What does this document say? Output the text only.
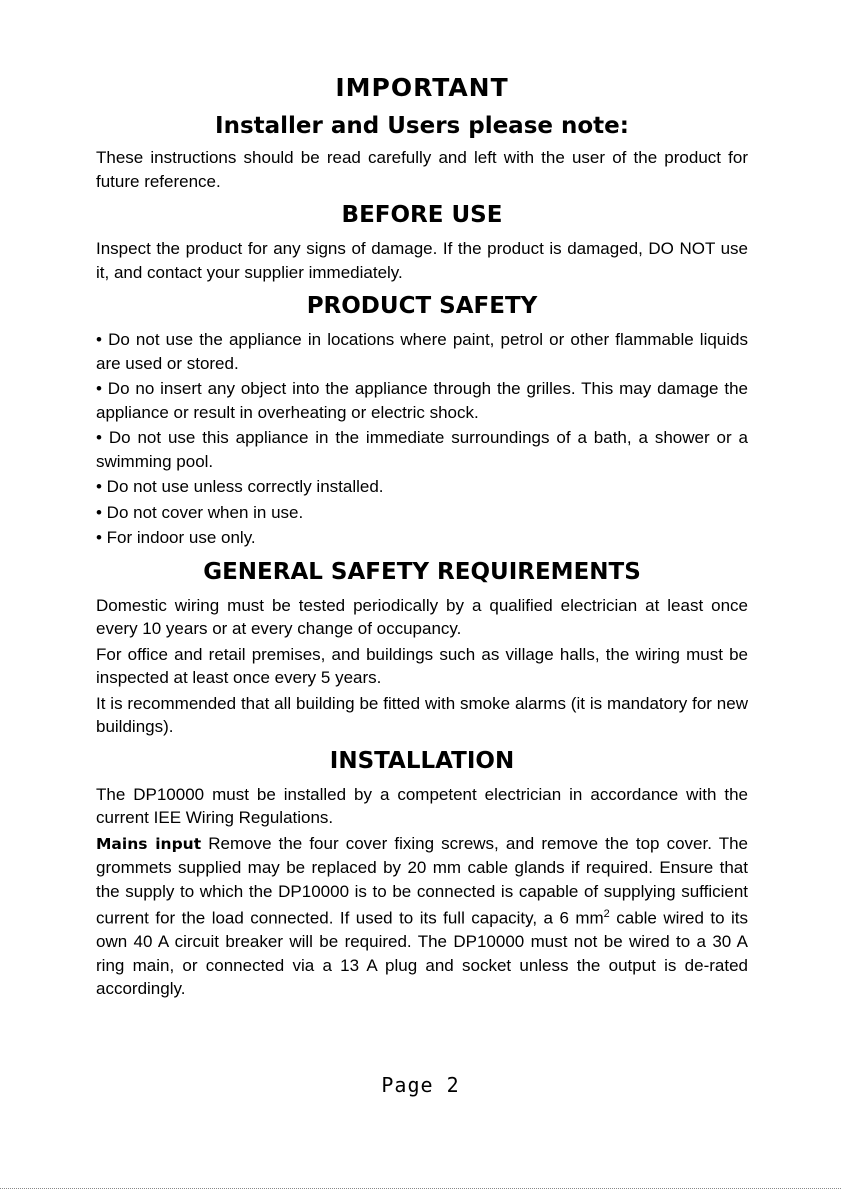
IMPORTANT
Installer and Users please note:

These instructions should be read carefully and left with the user of the product for future reference.

BEFORE USE

Inspect the product for any signs of damage. If the product is damaged, DO NOT use it, and contact your supplier immediately.

PRODUCT SAFETY

• Do not use the appliance in locations where paint, petrol or other flammable liquids are used or stored.

• Do no insert any object into the appliance through the grilles. This may damage the appliance or result in overheating or electric shock.

• Do not use this appliance in the immediate surroundings of a bath, a shower or a swimming pool.

• Do not use unless correctly installed.

• Do not cover when in use.

• For indoor use only.

GENERAL SAFETY REQUIREMENTS

Domestic wiring must be tested periodically by a qualified electrician at least once every 10 years or at every change of occupancy.

For office and retail premises, and buildings such as village halls, the wiring must be inspected at least once every 5 years.

It is recommended that all building be fitted with smoke alarms (it is mandatory for new buildings).

INSTALLATION

The DP10000 must be installed by a competent electrician in accordance with the current IEE Wiring Regulations.

Mains input Remove the four cover fixing screws, and remove the top cover. The grommets supplied may be replaced by 20 mm cable glands if required. Ensure that the supply to which the DP10000 is to be connected is capable of supplying sufficient current for the load connected. If used to its full capacity, a 6 $mm^2$ cable wired to its own 40 A circuit breaker will be required. The DP10000 must not be wired to a 30 A ring main, or connected via a 13 A plug and socket unless the output is de-rated accordingly.

Page 2
